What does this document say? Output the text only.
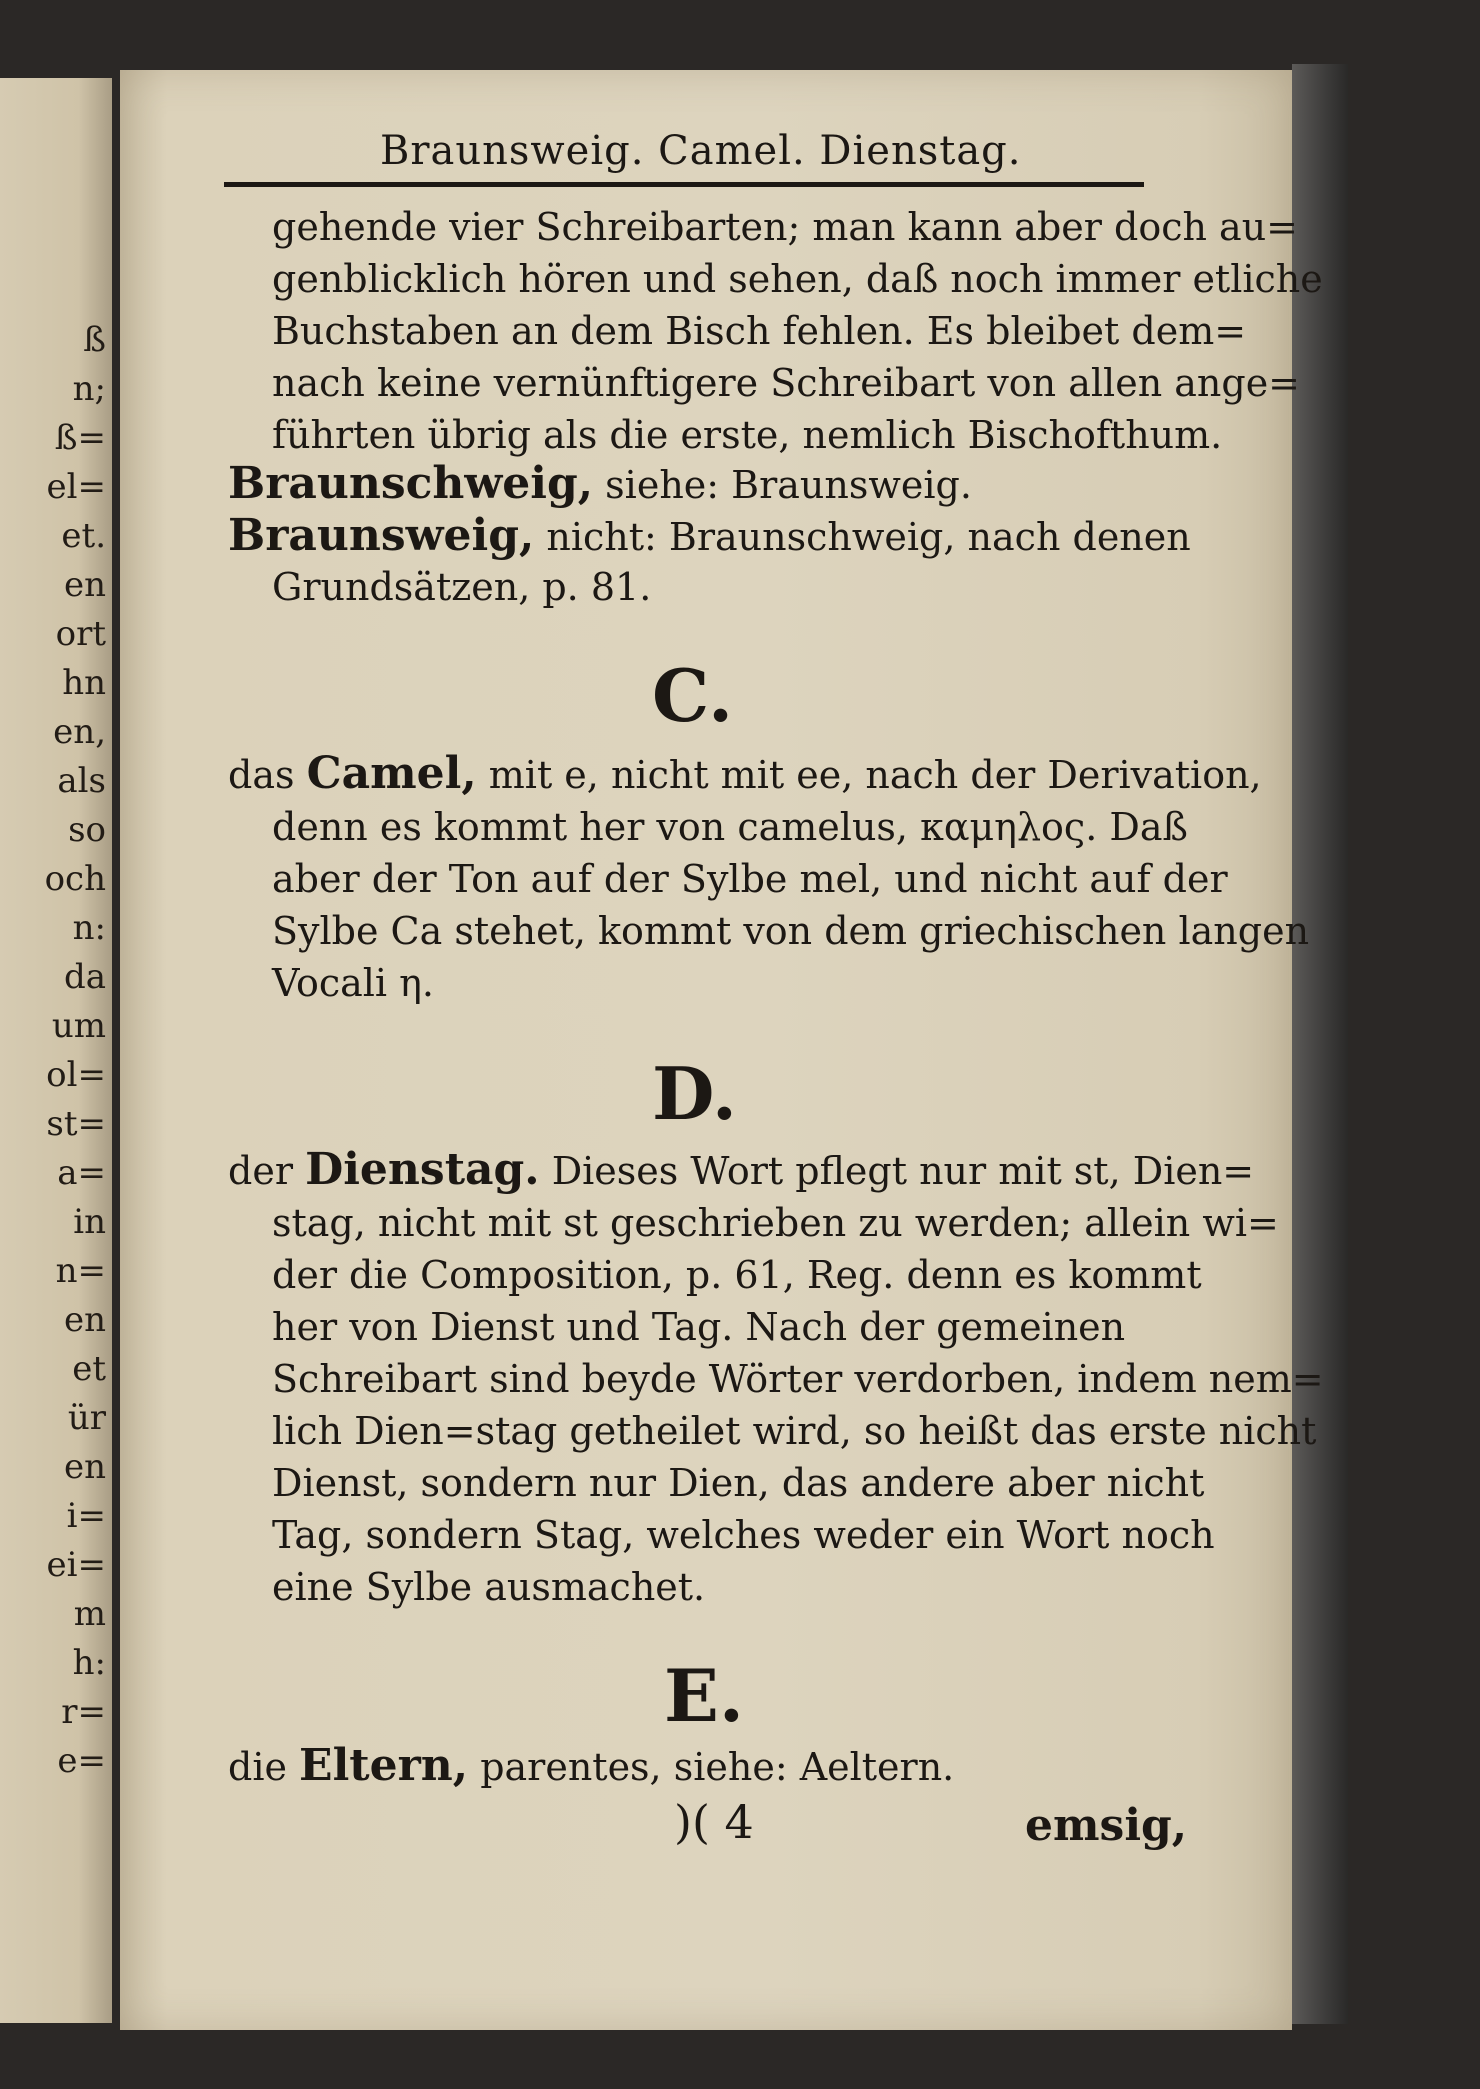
ß
n;
ß=
el=
et.
en
ort
hn
en,
als
so
och
n:
da
um
ol=
st=
a=
in
n=
en
et
ür
en
i=
ei=
m
h:
r=
e=
Braunsweig. Camel. Dienstag.
gehende vier Schreibarten; man kann aber doch au=
genblicklich hören und sehen, daß noch immer etliche
Buchstaben an dem Bisch fehlen. Es bleibet dem=
nach keine vernünftigere Schreibart von allen ange=
führten übrig als die erste, nemlich Bischofthum.
Braunschweig, siehe: Braunsweig.
Braunsweig, nicht: Braunschweig, nach denen
Grundsätzen, p. 81.
C.
das Camel, mit e, nicht mit ee, nach der Derivation,
denn es kommt her von camelus, καμηλος. Daß
aber der Ton auf der Sylbe mel, und nicht auf der
Sylbe Ca stehet, kommt von dem griechischen langen
Vocali η.
D.
der Dienstag. Dieses Wort pflegt nur mit st, Dien=
stag, nicht mit st geschrieben zu werden; allein wi=
der die Composition, p. 61, Reg. denn es kommt
her von Dienst und Tag. Nach der gemeinen
Schreibart sind beyde Wörter verdorben, indem nem=
lich Dien=stag getheilet wird, so heißt das erste nicht
Dienst, sondern nur Dien, das andere aber nicht
Tag, sondern Stag, welches weder ein Wort noch
eine Sylbe ausmachet.
E.
die Eltern, parentes, siehe: Aeltern.
)( 4	emsig,
